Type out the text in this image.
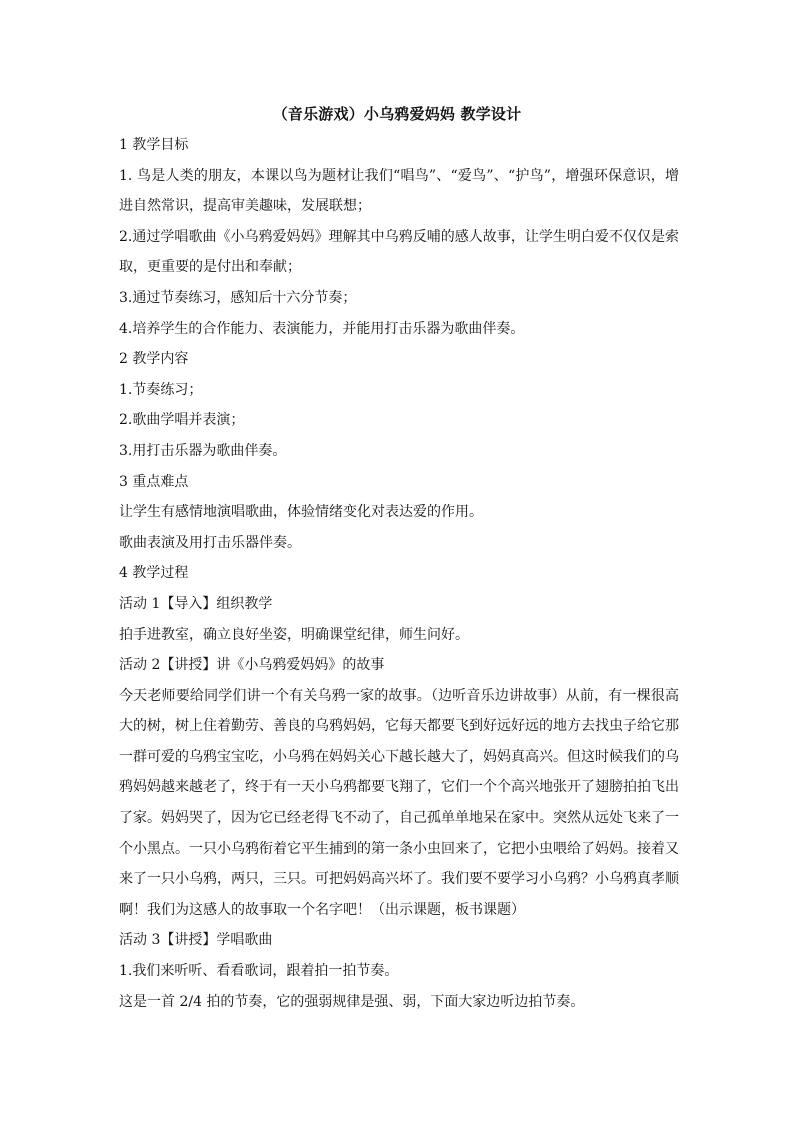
（音乐游戏）小乌鸦爱妈妈 教学设计

1 教学目标

1. 鸟是人类的朋友，本课以鸟为题材让我们“唱鸟”、“爱鸟”、“护鸟”，增强环保意识，增进自然常识，提高审美趣味，发展联想；

2.通过学唱歌曲《小乌鸦爱妈妈》理解其中乌鸦反哺的感人故事，让学生明白爱不仅仅是索取，更重要的是付出和奉献；

3.通过节奏练习，感知后十六分节奏；

4.培养学生的合作能力、表演能力，并能用打击乐器为歌曲伴奏。

2 教学内容

1.节奏练习；

2.歌曲学唱并表演；

3.用打击乐器为歌曲伴奏。

3 重点难点

让学生有感情地演唱歌曲，体验情绪变化对表达爱的作用。

歌曲表演及用打击乐器伴奏。

4 教学过程

活动 1【导入】组织教学

拍手进教室，确立良好坐姿，明确课堂纪律，师生问好。

活动 2【讲授】讲《小乌鸦爱妈妈》的故事

今天老师要给同学们讲一个有关乌鸦一家的故事。（边听音乐边讲故事）从前，有一棵很高大的树，树上住着勤劳、善良的乌鸦妈妈，它每天都要飞到好远好远的地方去找虫子给它那一群可爱的乌鸦宝宝吃，小乌鸦在妈妈关心下越长越大了，妈妈真高兴。但这时候我们的乌鸦妈妈越来越老了，终于有一天小乌鸦都要飞翔了，它们一个个高兴地张开了翅膀拍拍飞出了家。妈妈哭了，因为它已经老得飞不动了，自己孤单单地呆在家中。突然从远处飞来了一个小黑点。一只小乌鸦衔着它平生捕到的第一条小虫回来了，它把小虫喂给了妈妈。接着又来了一只小乌鸦，两只，三只。可把妈妈高兴坏了。我们要不要学习小乌鸦？小乌鸦真孝顺啊！我们为这感人的故事取一个名字吧！（出示课题，板书课题）

活动 3【讲授】学唱歌曲

1.我们来听听、看看歌词，跟着拍一拍节奏。

这是一首 2/4 拍的节奏，它的强弱规律是强、弱，下面大家边听边拍节奏。
